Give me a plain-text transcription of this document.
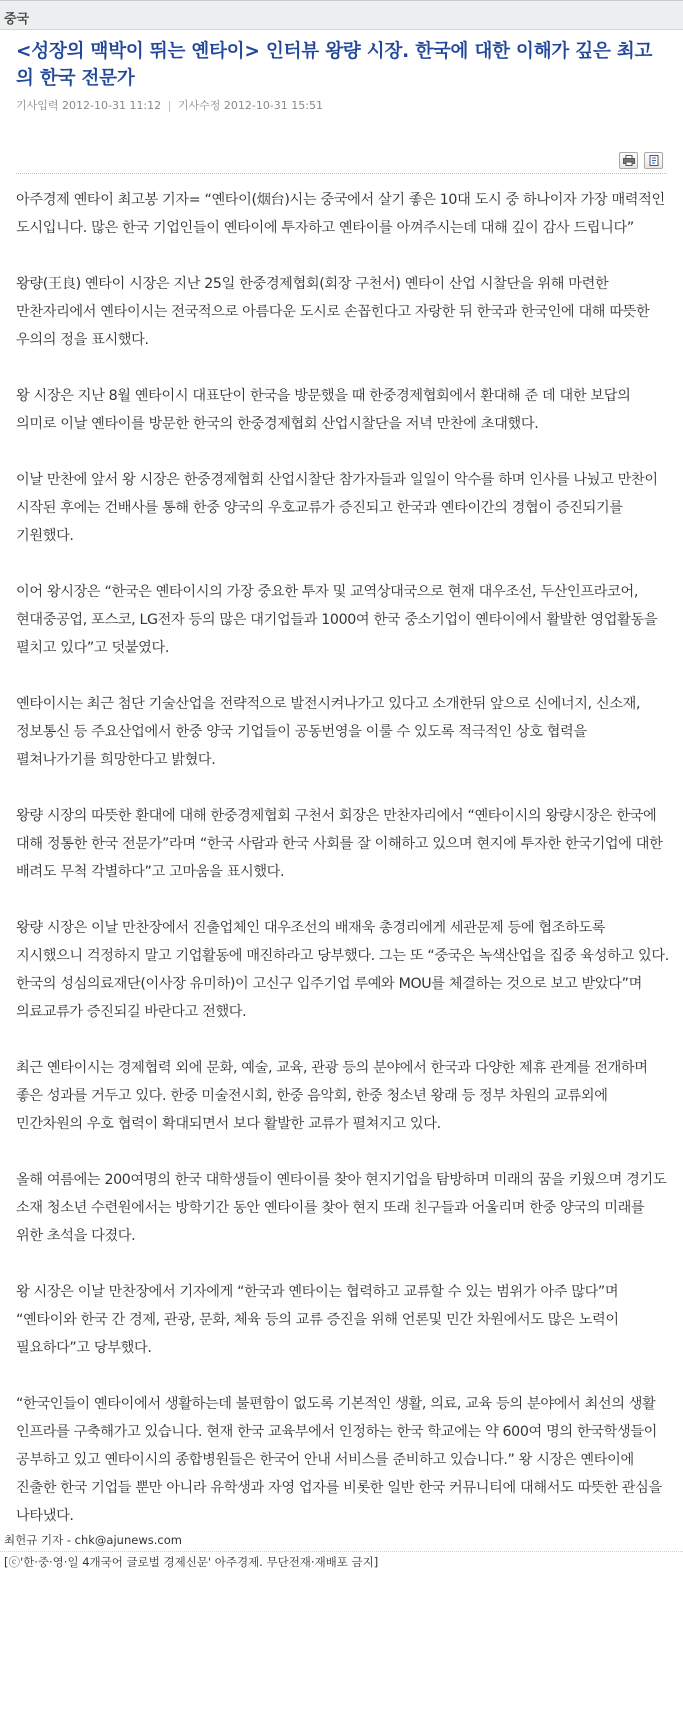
중국
<성장의 맥박이 뛰는 옌타이> 인터뷰 왕량 시장. 한국에 대한 이해가 깊은 최고의 한국 전문가
기사입력 2012-10-31 11:12 | 기사수정 2012-10-31 15:51

아주경제 옌타이 최고봉 기자= “옌타이(烟台)시는 중국에서 살기 좋은 10대 도시 중 하나이자 가장 매력적인 도시입니다. 많은 한국 기업인들이 옌타이에 투자하고 옌타이를 아껴주시는데 대해 깊이 감사 드립니다”

왕량(王良) 옌타이 시장은 지난 25일 한중경제협회(회장 구천서) 옌타이 산업 시찰단을 위해 마련한 만찬자리에서 옌타이시는 전국적으로 아름다운 도시로 손꼽힌다고 자랑한 뒤 한국과 한국인에 대해 따뜻한 우의의 정을 표시했다.

왕 시장은 지난 8월 옌타이시 대표단이 한국을 방문했을 때 한중경제협회에서 환대해 준 데 대한 보답의 의미로 이날 옌타이를 방문한 한국의 한중경제협회 산업시찰단을 저녁 만찬에 초대했다.

이날 만찬에 앞서 왕 시장은 한중경제협회 산업시찰단 참가자들과 일일이 악수를 하며 인사를 나눴고 만찬이 시작된 후에는 건배사를 통해 한중 양국의 우호교류가 증진되고 한국과 옌타이간의 경협이 증진되기를 기원했다.

이어 왕시장은 “한국은 옌타이시의 가장 중요한 투자 및 교역상대국으로 현재 대우조선, 두산인프라코어, 현대중공업, 포스코, LG전자 등의 많은 대기업들과 1000여 한국 중소기업이 옌타이에서 활발한 영업활동을 펼치고 있다”고 덧붙였다.

옌타이시는 최근 첨단 기술산업을 전략적으로 발전시켜나가고 있다고 소개한뒤 앞으로 신에너지, 신소재, 정보통신 등 주요산업에서 한중 양국 기업들이 공동번영을 이룰 수 있도록 적극적인 상호 협력을 펼쳐나가기를 희망한다고 밝혔다.

왕량 시장의 따뜻한 환대에 대해 한중경제협회 구천서 회장은 만찬자리에서 “옌타이시의 왕량시장은 한국에 대해 정통한 한국 전문가”라며 “한국 사람과 한국 사회를 잘 이해하고 있으며 현지에 투자한 한국기업에 대한 배려도 무척 각별하다”고 고마움을 표시했다.

왕량 시장은 이날 만찬장에서 진출업체인 대우조선의 배재욱 총경리에게 세관문제 등에 협조하도록 지시했으니 걱정하지 말고 기업활동에 매진하라고 당부했다. 그는 또 “중국은 녹색산업을 집중 육성하고 있다. 한국의 성심의료재단(이사장 유미하)이 고신구 입주기업 루예와 MOU를 체결하는 것으로 보고 받았다”며 의료교류가 증진되길 바란다고 전했다.

최근 옌타이시는 경제협력 외에 문화, 예술, 교육, 관광 등의 분야에서 한국과 다양한 제휴 관계를 전개하며 좋은 성과를 거두고 있다. 한중 미술전시회, 한중 음악회, 한중 청소년 왕래 등 정부 차원의 교류외에 민간차원의 우호 협력이 확대되면서 보다 활발한 교류가 펼쳐지고 있다.

올해 여름에는 200여명의 한국 대학생들이 옌타이를 찾아 현지기업을 탐방하며 미래의 꿈을 키웠으며 경기도 소재 청소년 수련원에서는 방학기간 동안 옌타이를 찾아 현지 또래 친구들과 어울리며 한중 양국의 미래를 위한 초석을 다졌다.

왕 시장은 이날 만찬장에서 기자에게 “한국과 옌타이는 협력하고 교류할 수 있는 범위가 아주 많다”며 “옌타이와 한국 간 경제, 관광, 문화, 체육 등의 교류 증진을 위해 언론및 민간 차원에서도 많은 노력이 필요하다”고 당부했다.

“한국인들이 옌타이에서 생활하는데 불편함이 없도록 기본적인 생활, 의료, 교육 등의 분야에서 최선의 생활 인프라를 구축해가고 있습니다. 현재 한국 교육부에서 인정하는 한국 학교에는 약 600여 명의 한국학생들이 공부하고 있고 옌타이시의 종합병원들은 한국어 안내 서비스를 준비하고 있습니다.” 왕 시장은 옌타이에 진출한 한국 기업들 뿐만 아니라 유학생과 자영 업자를 비롯한 일반 한국 커뮤니티에 대해서도 따뜻한 관심을 나타냈다.

최헌규 기자 - chk@ajunews.com
[ⓒ'한·중·영·일 4개국어 글로벌 경제신문' 아주경제. 무단전재·재배포 금지]
